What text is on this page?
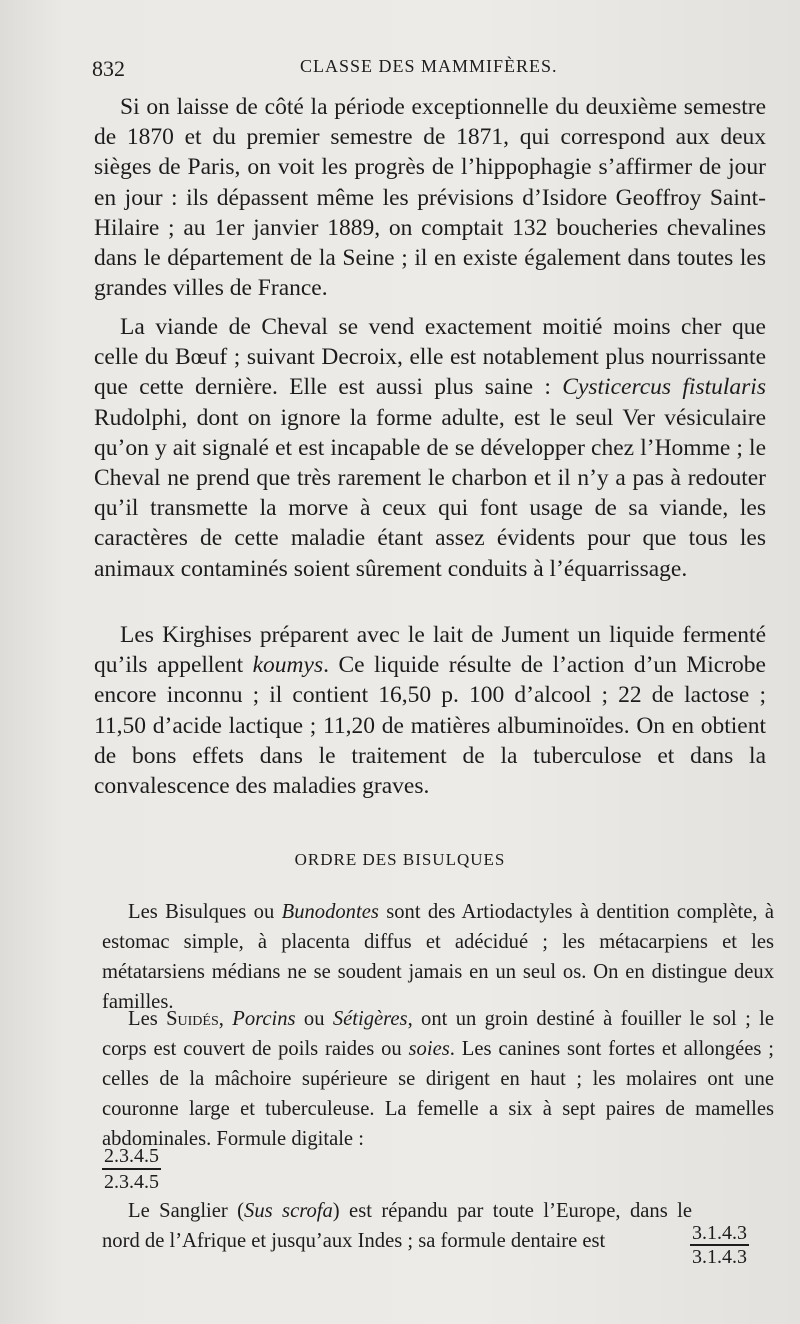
832	CLASSE DES MAMMIFÈRES.

Si on laisse de côté la période exceptionnelle du deuxième semestre de 1870 et du premier semestre de 1871, qui correspond aux deux sièges de Paris, on voit les progrès de l’hippophagie s’affirmer de jour en jour : ils dépassent même les prévisions d’Isidore Geoffroy Saint-Hilaire ; au 1er janvier 1889, on comptait 132 boucheries chevalines dans le département de la Seine ; il en existe également dans toutes les grandes villes de France.

La viande de Cheval se vend exactement moitié moins cher que celle du Bœuf ; suivant Decroix, elle est notablement plus nourrissante que cette dernière. Elle est aussi plus saine : Cysticercus fistularis Rudolphi, dont on ignore la forme adulte, est le seul Ver vésiculaire qu’on y ait signalé et est incapable de se développer chez l’Homme ; le Cheval ne prend que très rarement le charbon et il n’y a pas à redouter qu’il transmette la morve à ceux qui font usage de sa viande, les caractères de cette maladie étant assez évidents pour que tous les animaux contaminés soient sûrement conduits à l’équarrissage.

Les Kirghises préparent avec le lait de Jument un liquide fermenté qu’ils appellent koumys. Ce liquide résulte de l’action d’un Microbe encore inconnu ; il contient 16,50 p. 100 d’alcool ; 22 de lactose ; 11,50 d’acide lactique ; 11,20 de matières albuminoïdes. On en obtient de bons effets dans le traitement de la tuberculose et dans la convalescence des maladies graves.

ORDRE DES BISULQUES

Les Bisulques ou Bunodontes sont des Artiodactyles à dentition complète, à estomac simple, à placenta diffus et adécidué ; les métacarpiens et les métatarsiens médians ne se soudent jamais en un seul os. On en distingue deux familles.

Les Suidés, Porcins ou Sétigères, ont un groin destiné à fouiller le sol ; le corps est couvert de poils raides ou soies. Les canines sont fortes et allongées ; celles de la mâchoire supérieure se dirigent en haut ; les molaires ont une couronne large et tuberculeuse. La femelle a six à sept paires de mamelles abdominales. Formule digitale :

$\frac{2.3.4.5}{2.3.4.5}$

Le Sanglier (Sus scrofa) est répandu par toute l’Europe, dans le nord de l’Afrique et jusqu’aux Indes ; sa formule dentaire est	$\frac{3.1.4.3}{3.1.4.3}$
